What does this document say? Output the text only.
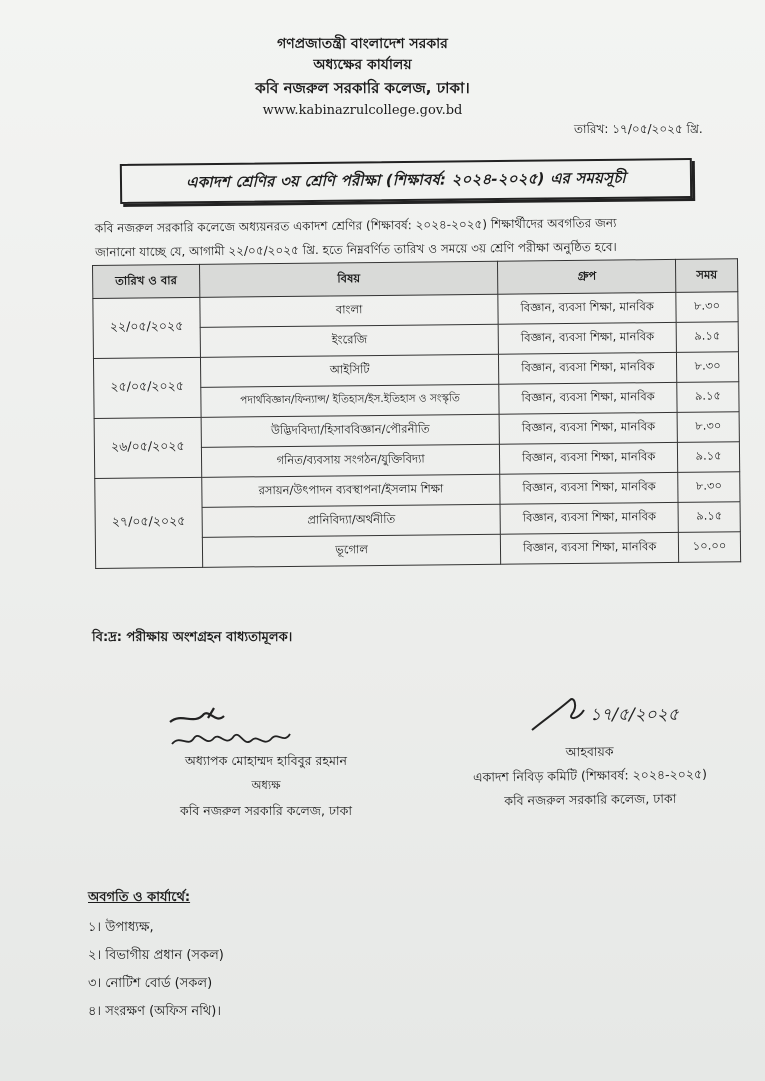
গণপ্রজাতন্ত্রী বাংলাদেশ সরকার
অধ্যক্ষের কার্যালয়
কবি নজরুল সরকারি কলেজ, ঢাকা।
www.kabinazrulcollege.gov.bd
তারিখ: ১৭/০৫/২০২৫ খ্রি.
একাদশ শ্রেণির ৩য় শ্রেণি পরীক্ষা (শিক্ষাবর্ষ: ২০২৪-২০২৫) এর সময়সূচী
কবি নজরুল সরকারি কলেজে অধ্যয়নরত একাদশ শ্রেণির (শিক্ষাবর্ষ: ২০২৪-২০২৫) শিক্ষার্থীদের অবগতির জন্য
জানানো যাচ্ছে যে, আগামী ২২/০৫/২০২৫ খ্রি. হতে নিম্নবর্ণিত তারিখ ও সময়ে ৩য় শ্রেণি পরীক্ষা অনুষ্ঠিত হবে।
তারিখ ও বার	বিষয়	গ্রুপ	সময়
২২/০৫/২০২৫	বাংলা	বিজ্ঞান, ব্যবসা শিক্ষা, মানবিক	৮.৩০
	ইংরেজি	বিজ্ঞান, ব্যবসা শিক্ষা, মানবিক	৯.১৫
২৫/০৫/২০২৫	আইসিটি	বিজ্ঞান, ব্যবসা শিক্ষা, মানবিক	৮.৩০
	পদার্থবিজ্ঞান/ফিন্যান্স/ ইতিহাস/ইস.ইতিহাস ও সংস্কৃতি	বিজ্ঞান, ব্যবসা শিক্ষা, মানবিক	৯.১৫
২৬/০৫/২০২৫	উদ্ভিদবিদ্যা/হিসাববিজ্ঞান/পৌরনীতি	বিজ্ঞান, ব্যবসা শিক্ষা, মানবিক	৮.৩০
	গনিত/ব্যবসায় সংগঠন/যুক্তিবিদ্যা	বিজ্ঞান, ব্যবসা শিক্ষা, মানবিক	৯.১৫
২৭/০৫/২০২৫	রসায়ন/উৎপাদন ব্যবস্থাপনা/ইসলাম শিক্ষা	বিজ্ঞান, ব্যবসা শিক্ষা, মানবিক	৮.৩০
	প্রানিবিদ্যা/অর্থনীতি	বিজ্ঞান, ব্যবসা শিক্ষা, মানবিক	৯.১৫
	ভূগোল	বিজ্ঞান, ব্যবসা শিক্ষা, মানবিক	১০.০০
বি:দ্র: পরীক্ষায় অংশগ্রহন বাধ্যতামূলক।
১৭/৫/২০২৫
অধ্যাপক মোহাম্মদ হাবিবুর রহমান
অধ্যক্ষ
কবি নজরুল সরকারি কলেজ, ঢাকা
আহবায়ক
একাদশ নিবিড় কমিটি (শিক্ষাবর্ষ: ২০২৪-২০২৫)
কবি নজরুল সরকারি কলেজ, ঢাকা
অবগতি ও কার্যার্থে:
১। উপাধ্যক্ষ,
২। বিভাগীয় প্রধান (সকল)
৩। নোটিশ বোর্ড (সকল)
৪। সংরক্ষণ (অফিস নথি)।
